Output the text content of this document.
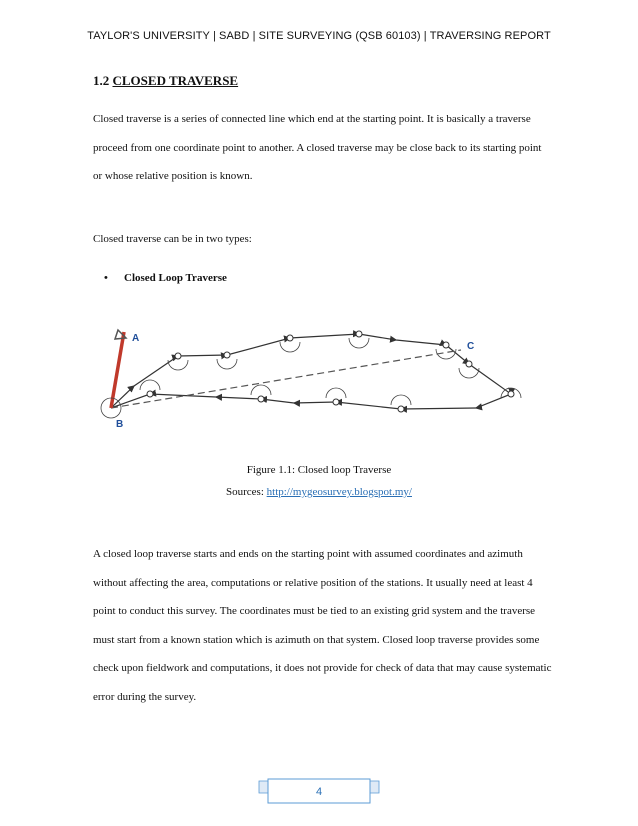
TAYLOR'S UNIVERSITY | SABD | SITE SURVEYING (QSB 60103) | TRAVERSING REPORT
1.2 CLOSED TRAVERSE
Closed traverse is a series of connected line which end at the starting point. It is basically a traverse proceed from one coordinate point to another. A closed traverse may be close back to its starting point or whose relative position is known.
Closed traverse can be in two types:
• Closed Loop Traverse
A
B
C
Figure 1.1: Closed loop Traverse
Sources: http://mygeosurvey.blogspot.my/
A closed loop traverse starts and ends on the starting point with assumed coordinates and azimuth without affecting the area, computations or relative position of the stations. It usually need at least 4 point to conduct this survey. The coordinates must be tied to an existing grid system and the traverse must start from a known station which is azimuth on that system. Closed loop traverse provides some check upon fieldwork and computations, it does not provide for check of data that may cause systematic error during the survey.
4
